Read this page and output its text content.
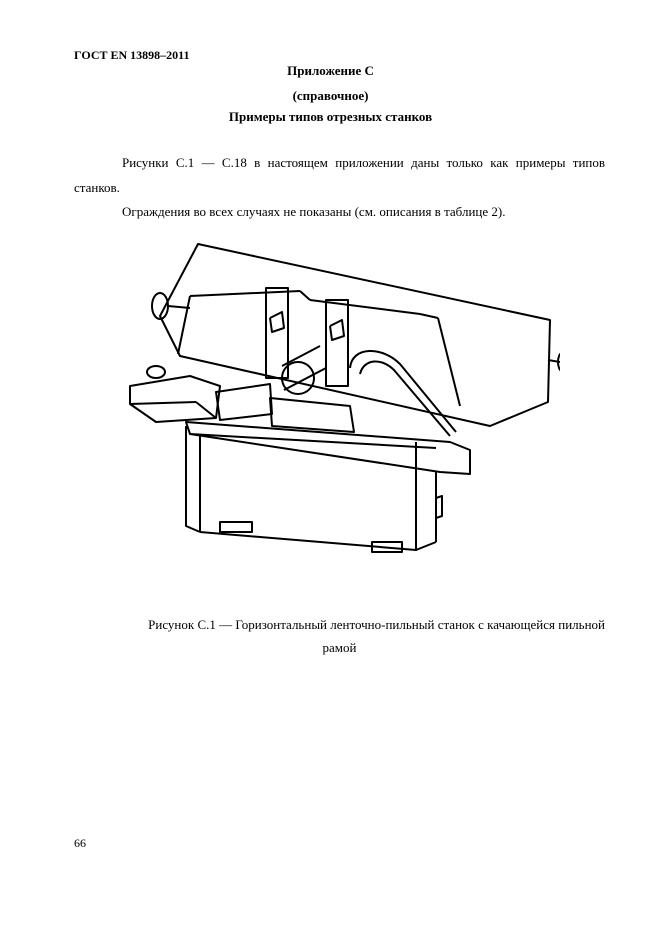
ГОСТ EN 13898–2011
Приложение С
(справочное)
Примеры типов отрезных станков
Рисунки С.1 — С.18 в настоящем приложении даны только как примеры типов станков.
Ограждения во всех случаях не показаны (см. описания в таблице 2).
Рисунок С.1 — Горизонтальный ленточно-пильный станок с качающейся пильной
рамой
66
